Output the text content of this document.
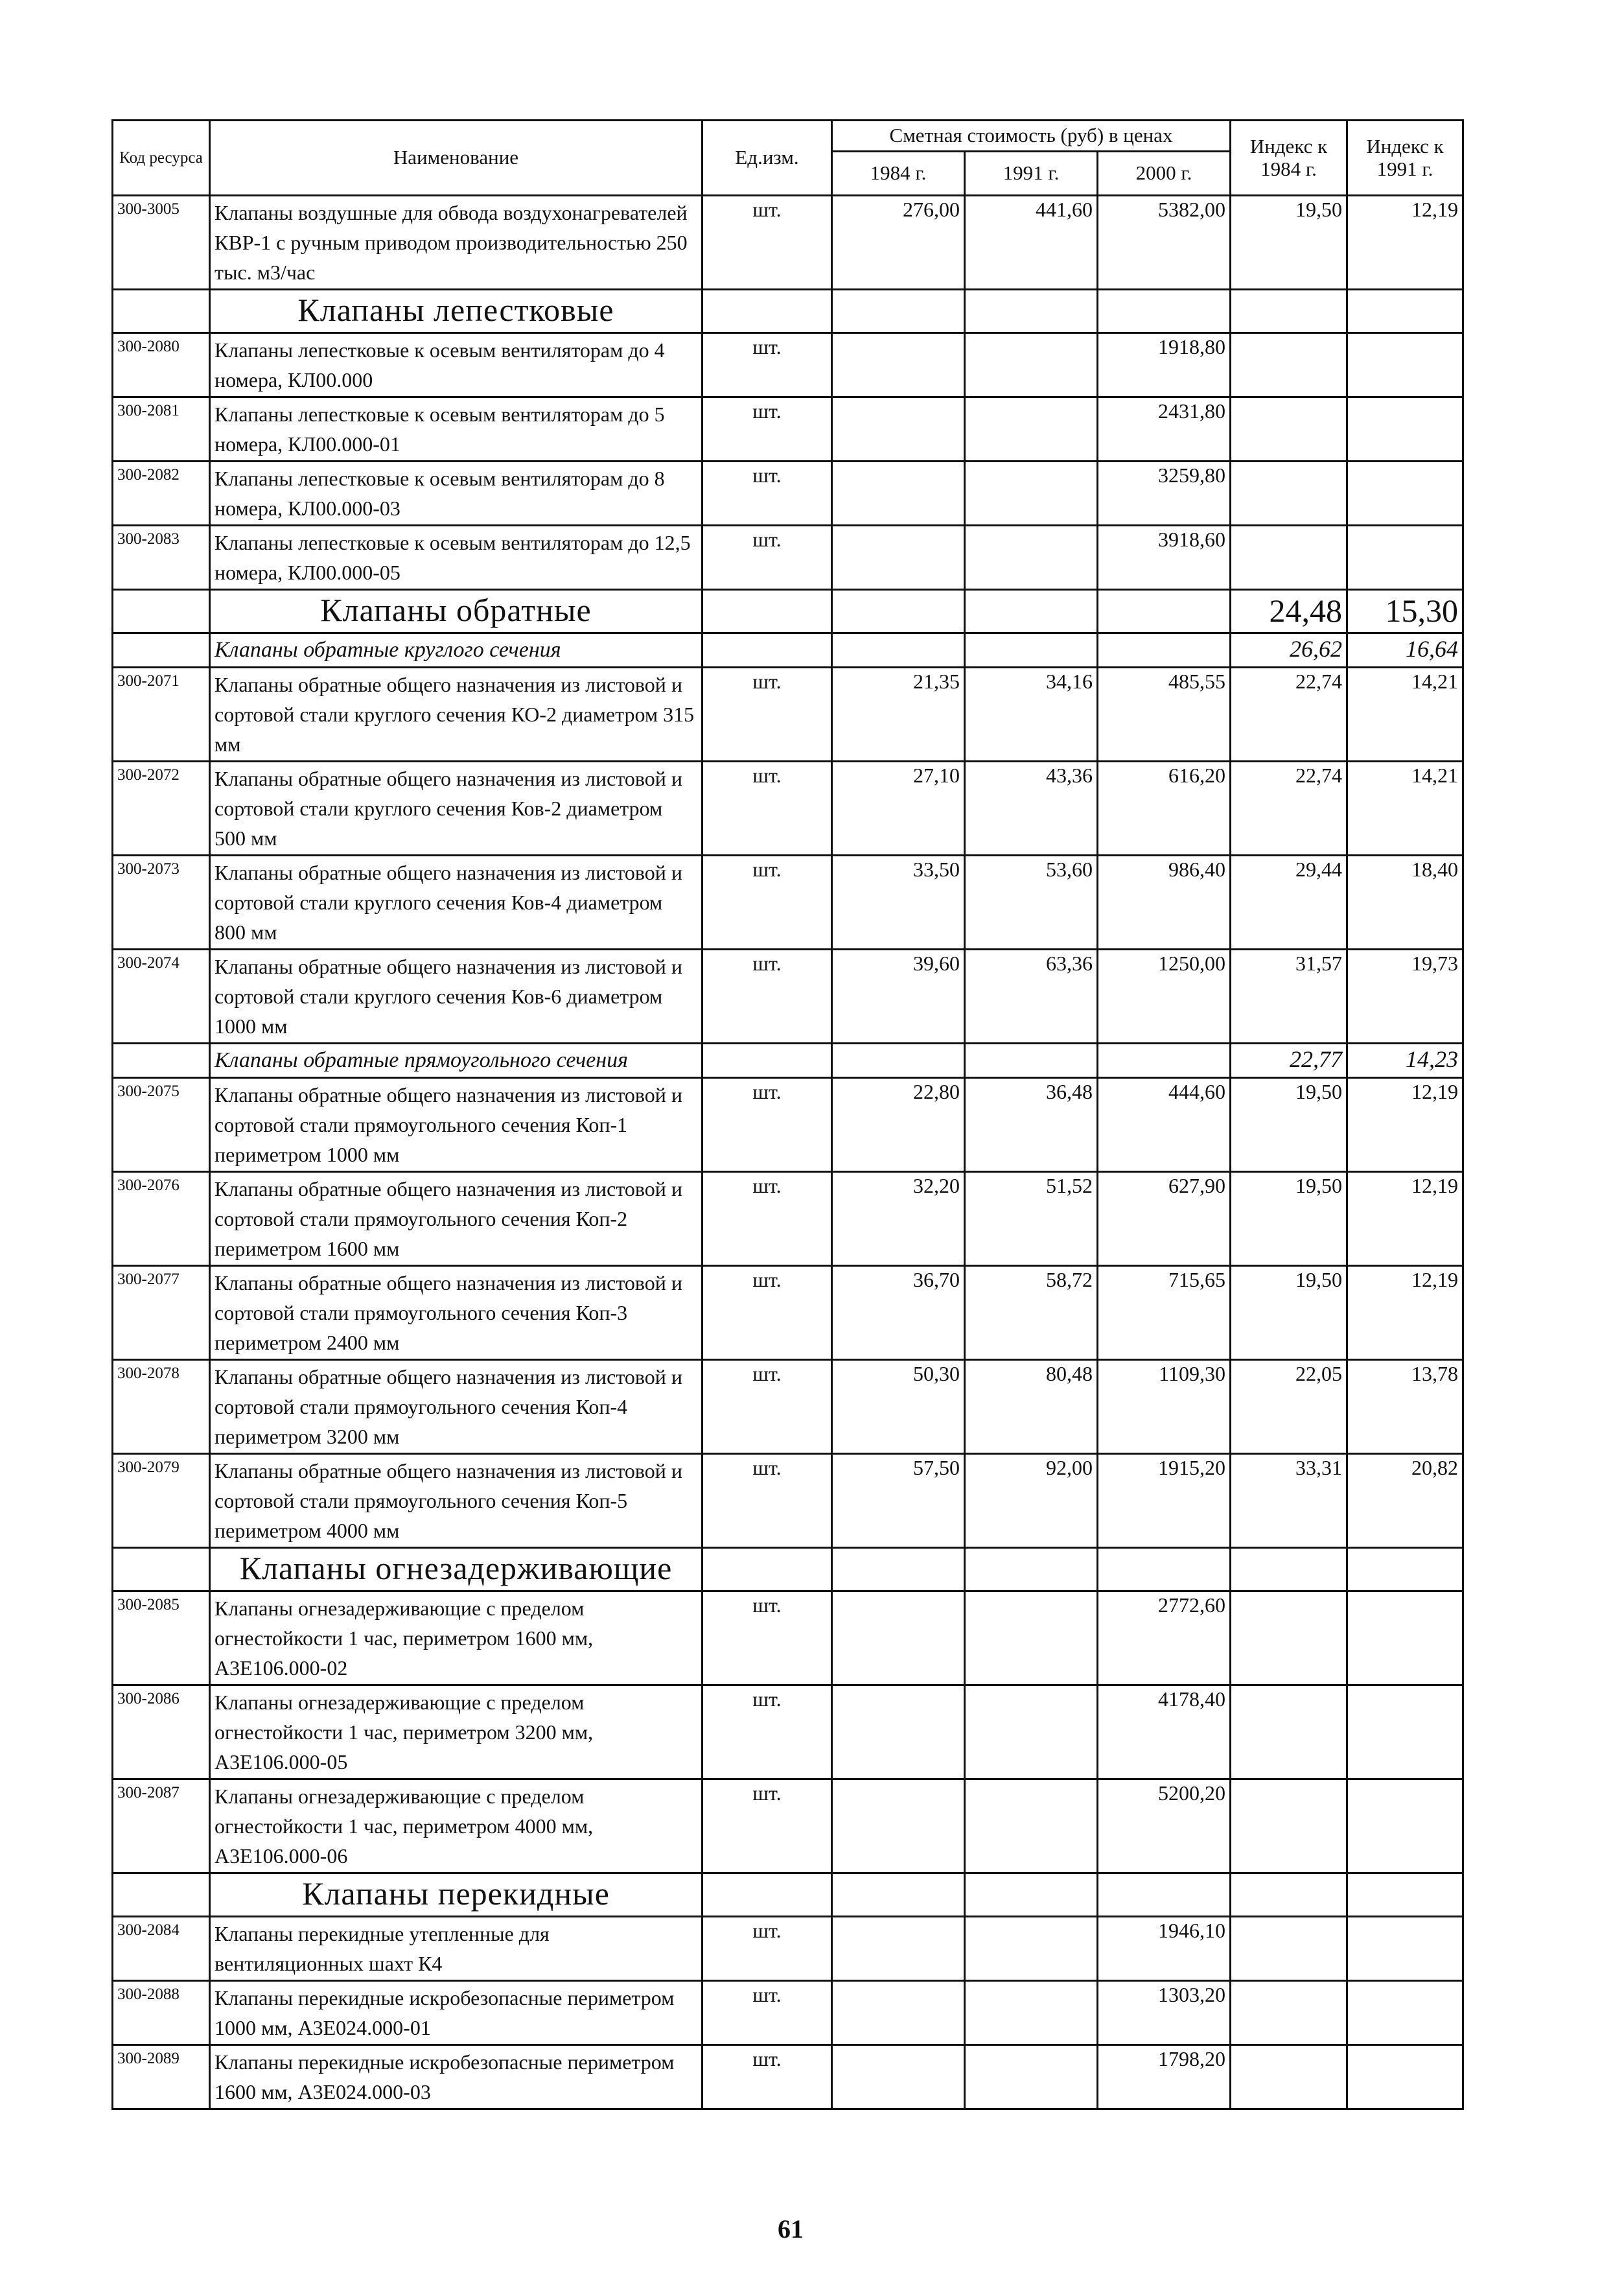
Код ресурса	Наименование	Ед.изм.	Сметная стоимость (руб) в ценах			Индекс к 1984 г.	Индекс к 1991 г.
			1984 г.	1991 г.	2000 г.		
300-3005	Клапаны воздушные для обвода воздухонагревателей КВР-1 с ручным приводом производительностью 250 тыс. м3/час	шт.	276,00	441,60	5382,00	19,50	12,19
	Клапаны лепестковые						
300-2080	Клапаны лепестковые к осевым вентиляторам до 4 номера, КЛ00.000	шт.			1918,80		
300-2081	Клапаны лепестковые к осевым вентиляторам до 5 номера, КЛ00.000-01	шт.			2431,80		
300-2082	Клапаны лепестковые к осевым вентиляторам до 8 номера, КЛ00.000-03	шт.			3259,80		
300-2083	Клапаны лепестковые к осевым вентиляторам до 12,5 номера, КЛ00.000-05	шт.			3918,60		
	Клапаны обратные					24,48	15,30
	Клапаны обратные круглого сечения					26,62	16,64
300-2071	Клапаны обратные общего назначения из листовой и сортовой стали круглого сечения КО-2 диаметром 315 мм	шт.	21,35	34,16	485,55	22,74	14,21
300-2072	Клапаны обратные общего назначения из листовой и сортовой стали круглого сечения Ков-2 диаметром 500 мм	шт.	27,10	43,36	616,20	22,74	14,21
300-2073	Клапаны обратные общего назначения из листовой и сортовой стали круглого сечения Ков-4 диаметром 800 мм	шт.	33,50	53,60	986,40	29,44	18,40
300-2074	Клапаны обратные общего назначения из листовой и сортовой стали круглого сечения Ков-6 диаметром 1000 мм	шт.	39,60	63,36	1250,00	31,57	19,73
	Клапаны обратные прямоугольного сечения					22,77	14,23
300-2075	Клапаны обратные общего назначения из листовой и сортовой стали прямоугольного сечения Коп-1 периметром 1000 мм	шт.	22,80	36,48	444,60	19,50	12,19
300-2076	Клапаны обратные общего назначения из листовой и сортовой стали прямоугольного сечения Коп-2 периметром 1600 мм	шт.	32,20	51,52	627,90	19,50	12,19
300-2077	Клапаны обратные общего назначения из листовой и сортовой стали прямоугольного сечения Коп-3 периметром 2400 мм	шт.	36,70	58,72	715,65	19,50	12,19
300-2078	Клапаны обратные общего назначения из листовой и сортовой стали прямоугольного сечения Коп-4 периметром 3200 мм	шт.	50,30	80,48	1109,30	22,05	13,78
300-2079	Клапаны обратные общего назначения из листовой и сортовой стали прямоугольного сечения Коп-5 периметром 4000 мм	шт.	57,50	92,00	1915,20	33,31	20,82
	Клапаны огнезадерживающие						
300-2085	Клапаны огнезадерживающие с пределом огнестойкости 1 час, периметром 1600 мм, А3Е106.000-02	шт.			2772,60		
300-2086	Клапаны огнезадерживающие с пределом огнестойкости 1 час, периметром 3200 мм, А3Е106.000-05	шт.			4178,40		
300-2087	Клапаны огнезадерживающие с пределом огнестойкости 1 час, периметром 4000 мм, А3Е106.000-06	шт.			5200,20		
	Клапаны перекидные						
300-2084	Клапаны перекидные утепленные для вентиляционных шахт К4	шт.			1946,10		
300-2088	Клапаны перекидные искробезопасные периметром 1000 мм, А3Е024.000-01	шт.			1303,20		
300-2089	Клапаны перекидные искробезопасные периметром 1600 мм, А3Е024.000-03	шт.			1798,20		
61
